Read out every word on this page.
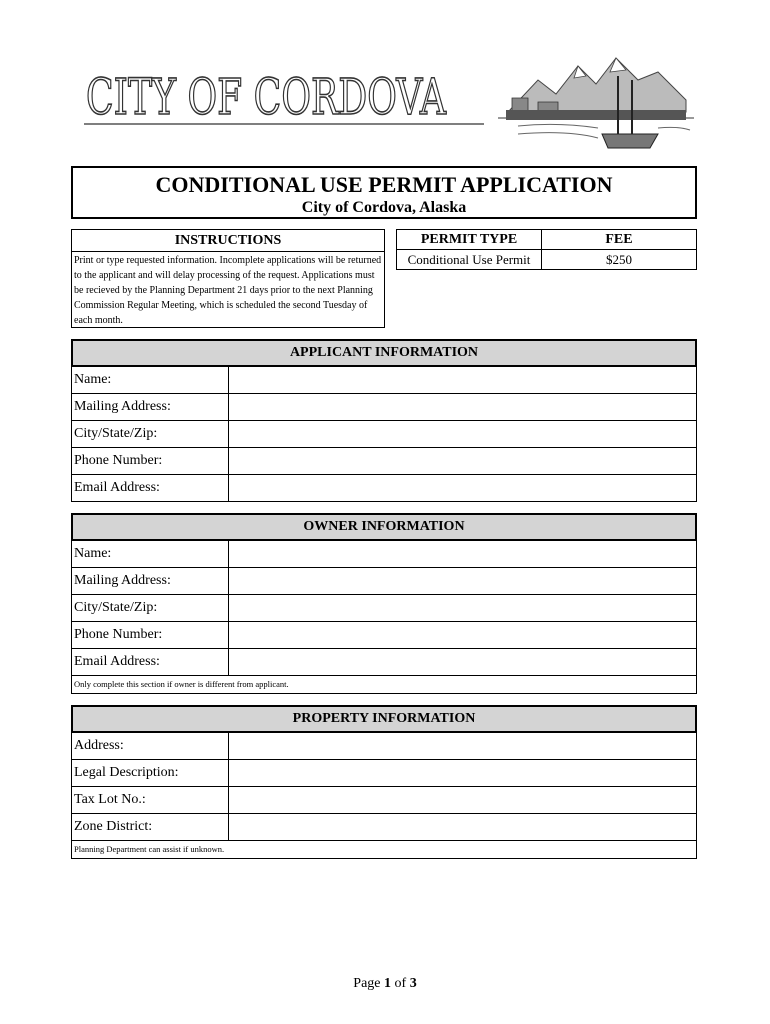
CITY OF CORDOVA
CONDITIONAL USE PERMIT APPLICATION
City of Cordova, Alaska
INSTRUCTIONS
Print or type requested information. Incomplete applications will be returned to the applicant and will delay processing of the request. Applications must be recieved by the Planning Department 21 days prior to the next Planning Commission Regular Meeting, which is scheduled the second Tuesday of each month.
PERMIT TYPE	FEE
Conditional Use Permit	$250
APPLICANT INFORMATION
Name:
Mailing Address:
City/State/Zip:
Phone Number:
Email Address:
OWNER INFORMATION
Name:
Mailing Address:
City/State/Zip:
Phone Number:
Email Address:
Only complete this section if owner is different from applicant.
PROPERTY INFORMATION
Address:
Legal Description:
Tax Lot No.:
Zone District:
Planning Department can assist if unknown.
Page 1 of 3
